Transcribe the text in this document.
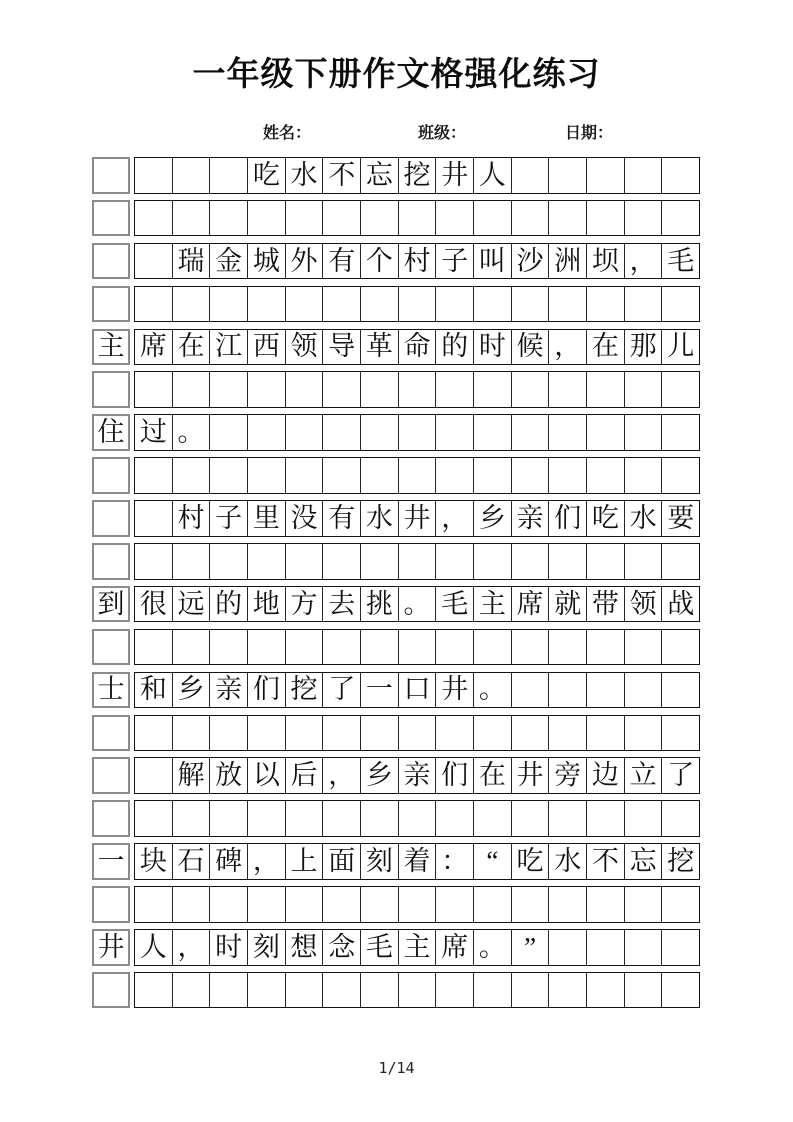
一年级下册作文格强化练习
姓名：	班级：	日期：
吃 水 不 忘 挖 井 人
瑞 金 城 外 有 个 村 子 叫 沙 洲 坝 ， 毛
主 席 在 江 西 领 导 革 命 的 时 候 ， 在 那 儿
住 过 。
村 子 里 没 有 水 井 ， 乡 亲 们 吃 水 要
到 很 远 的 地 方 去 挑 。 毛 主 席 就 带 领 战
士 和 乡 亲 们 挖 了 一 口 井 。
解 放 以 后 ， 乡 亲 们 在 井 旁 边 立 了
一 块 石 碑 ， 上 面 刻 着 ： “ 吃 水 不 忘 挖
井 人 ， 时 刻 想 念 毛 主 席 。 ”
1/14
